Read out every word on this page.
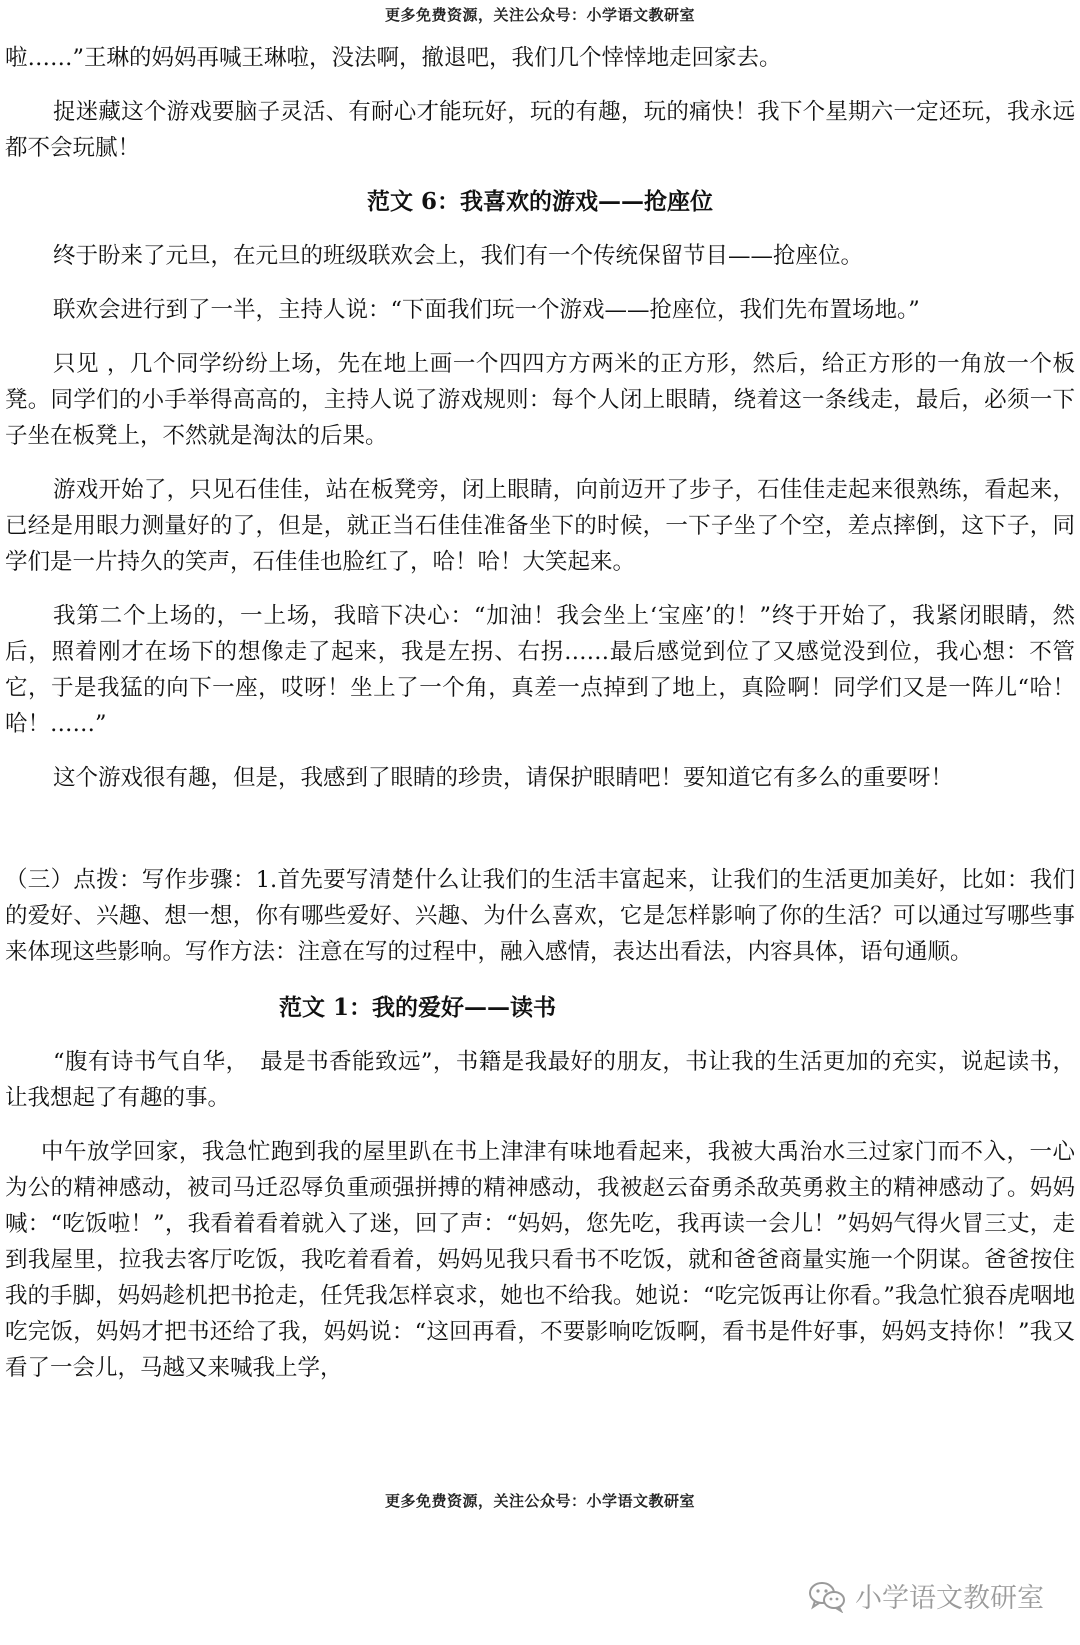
更多免费资源，关注公众号：小学语文教研室

啦……”王琳的妈妈再喊王琳啦，没法啊，撤退吧，我们几个悻悻地走回家去。

捉迷藏这个游戏要脑子灵活、有耐心才能玩好，玩的有趣，玩的痛快！我下个星期六一定还玩，我永远都不会玩腻！

范文 6：我喜欢的游戏——抢座位

终于盼来了元旦，在元旦的班级联欢会上，我们有一个传统保留节目——抢座位。

联欢会进行到了一半，主持人说：“下面我们玩一个游戏——抢座位，我们先布置场地。”

只见 ，几个同学纷纷上场，先在地上画一个四四方方两米的正方形，然后，给正方形的一角放一个板凳。同学们的小手举得高高的，主持人说了游戏规则：每个人闭上眼睛，绕着这一条线走，最后，必须一下子坐在板凳上，不然就是淘汰的后果。

游戏开始了，只见石佳佳，站在板凳旁，闭上眼睛，向前迈开了步子，石佳佳走起来很熟练，看起来，已经是用眼力测量好的了，但是，就正当石佳佳准备坐下的时候，一下子坐了个空，差点摔倒，这下子，同学们是一片持久的笑声，石佳佳也脸红了，哈！哈！大笑起来。

我第二个上场的，一上场，我暗下决心：“加油！我会坐上‘宝座’的！”终于开始了，我紧闭眼睛，然后，照着刚才在场下的想像走了起来，我是左拐、右拐……最后感觉到位了又感觉没到位，我心想：不管它，于是我猛的向下一座，哎呀！坐上了一个角，真差一点掉到了地上，真险啊！同学们又是一阵儿“哈！哈！……”

这个游戏很有趣，但是，我感到了眼睛的珍贵，请保护眼睛吧！要知道它有多么的重要呀！

（三）点拨：写作步骤：1.首先要写清楚什么让我们的生活丰富起来，让我们的生活更加美好，比如：我们的爱好、兴趣、想一想，你有哪些爱好、兴趣、为什么喜欢，它是怎样影响了你的生活？可以通过写哪些事来体现这些影响。写作方法：注意在写的过程中，融入感情，表达出看法，内容具体，语句通顺。

范文 1：我的爱好——读书

“腹有诗书气自华，　最是书香能致远”，书籍是我最好的朋友，书让我的生活更加的充实，说起读书，让我想起了有趣的事。

中午放学回家，我急忙跑到我的屋里趴在书上津津有味地看起来，我被大禹治水三过家门而不入，一心为公的精神感动，被司马迁忍辱负重顽强拼搏的精神感动，我被赵云奋勇杀敌英勇救主的精神感动了。妈妈喊：“吃饭啦！”，我看着看着就入了迷，回了声：“妈妈，您先吃，我再读一会儿！”妈妈气得火冒三丈，走到我屋里，拉我去客厅吃饭，我吃着看着，妈妈见我只看书不吃饭，就和爸爸商量实施一个阴谋。爸爸按住我的手脚，妈妈趁机把书抢走，任凭我怎样哀求，她也不给我。她说：“吃完饭再让你看。”我急忙狼吞虎咽地吃完饭，妈妈才把书还给了我，妈妈说：“这回再看，不要影响吃饭啊，看书是件好事，妈妈支持你！”我又看了一会儿，马越又来喊我上学，

更多免费资源，关注公众号：小学语文教研室
小学语文教研室
